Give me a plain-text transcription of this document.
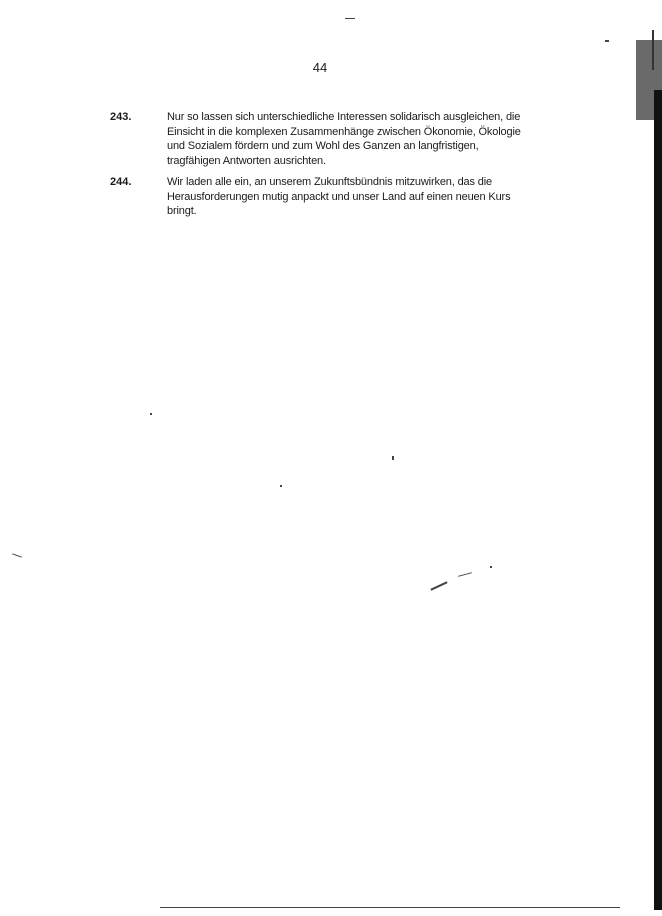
44
243.	Nur so lassen sich unterschiedliche Interessen solidarisch ausgleichen, die
Einsicht in die komplexen Zusammenhänge zwischen Ökonomie, Ökologie
und Sozialem fördern und zum Wohl des Ganzen an langfristigen,
tragfähigen Antworten ausrichten.
244.	Wir laden alle ein, an unserem Zukunftsbündnis mitzuwirken, das die
Herausforderungen mutig anpackt und unser Land auf einen neuen Kurs
bringt.
